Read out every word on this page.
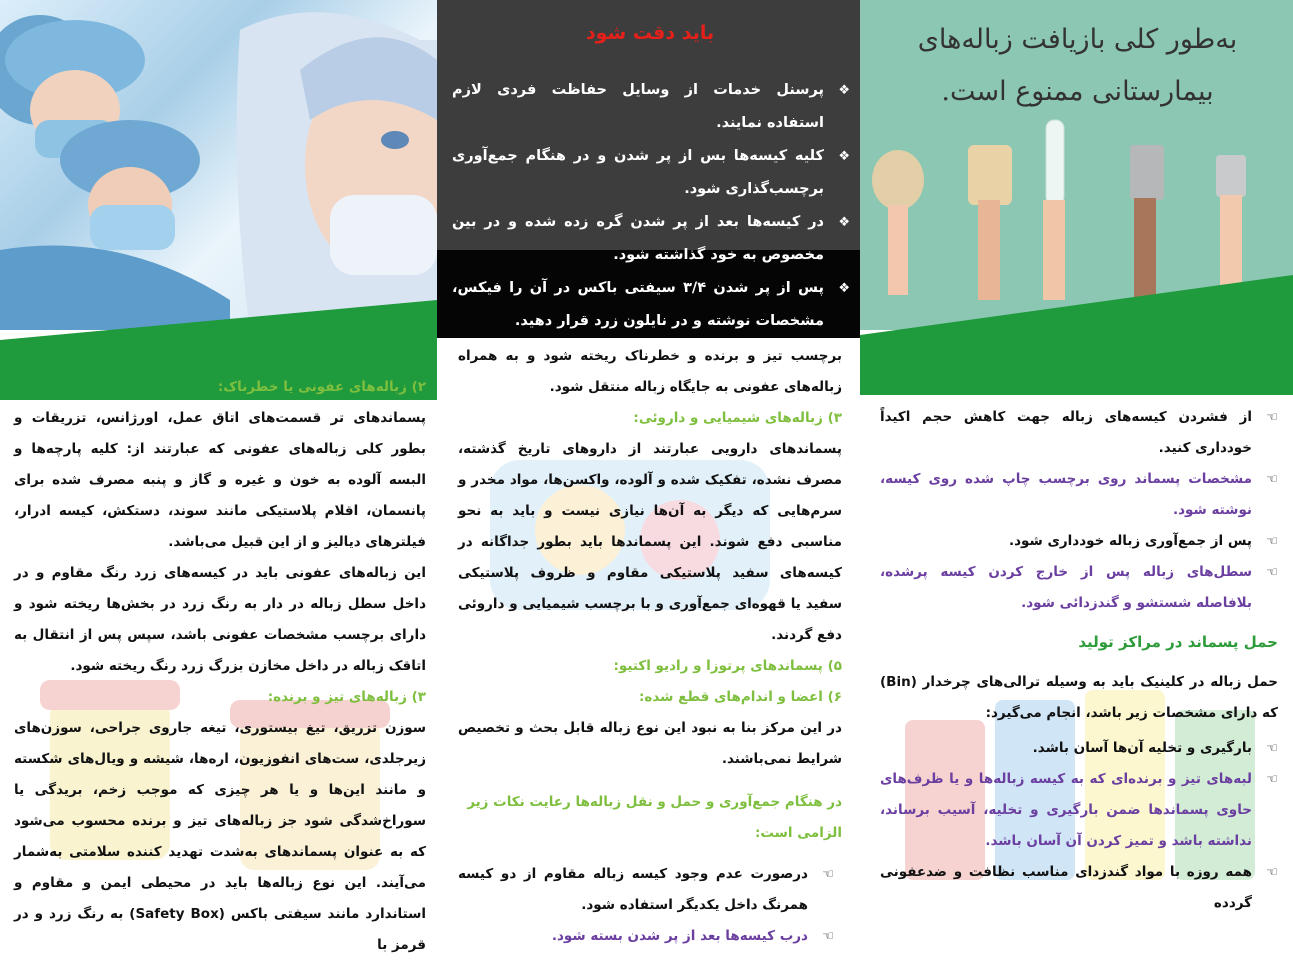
به‌طور کلی بازیافت زباله‌های
بیمارستانی ممنوع است.
باید دقت شود
❖
پرسنل خدمات از وسایل حفاظت فردی لازم استفاده نمایند.
❖
کلیه کیسه‌ها بس از پر شدن و در هنگام جمع‌آوری برچسب‌گذاری شود.
❖
در کیسه‌ها بعد از پر شدن گره زده شده و در بین مخصوص به خود گذاشته شود.
❖
پس از پر شدن ۳/۴ سیفتی باکس در آن را فیکس، مشخصات نوشته و در نایلون زرد قرار دهید.
۲) زباله‌های عفونی یا خطرناک:
پسماندهای تر قسمت‌های اتاق عمل، اورژانس، تزریقات و بطور کلی زباله‌های عفونی که عبارتند از: کلیه پارچه‌ها و البسه آلوده به خون و غیره و گاز و پنبه مصرف شده برای پانسمان، اقلام پلاستیکی مانند سوند، دستکش، کیسه ادرار، فیلترهای دیالیز و از این قبیل می‌باشد.
این زباله‌های عفونی باید در کیسه‌های زرد رنگ مقاوم و در داخل سطل زباله در دار به رنگ زرد در بخش‌ها ریخته شود و دارای برچسب مشخصات عفونی باشد، سپس پس از انتقال به اتاقک زباله در داخل مخازن بزرگ زرد رنگ ریخته شود.
۳) زباله‌های تیز و برنده:
سوزن تزریق، تیغ بیستوری، تیغه جاروی جراحی، سوزن‌های زیرجلدی، ست‌های انفوزیون، اره‌ها، شیشه و ویال‌های شکسته و مانند این‌ها و یا هر چیزی که موجب زخم، بریدگی یا سوراخ‌شدگی شود جز زباله‌های تیز و برنده محسوب می‌شود که به عنوان پسماندهای به‌شدت تهدید کننده سلامتی به‌شمار می‌آیند. این نوع زباله‌ها باید در محیطی ایمن و مقاوم و استاندارد مانند سیفتی باکس (Safety Box) به رنگ زرد و در قرمز با
برچسب تیز و برنده و خطرناک ریخته شود و به همراه زباله‌های عفونی به جایگاه زباله منتقل شود.
۳) زباله‌های شیمیایی و داروئی:
پسماندهای دارویی عبارتند از داروهای تاریخ گذشته، مصرف نشده، تفکیک شده و آلوده، واکسن‌ها، مواد مخدر و سرم‌هایی که دیگر به آن‌ها نیازی نیست و باید به نحو مناسبی دفع شوند. این پسماندها باید بطور جداگانه در کیسه‌های سفید پلاستیکی مقاوم و ظروف پلاستیکی سفید یا قهوه‌ای جمع‌آوری و با برچسب شیمیایی و داروئی دفع گردند.
۵) پسماندهای پرتوزا و رادیو اکتیو:
۶) اعضا و اندام‌های قطع شده:
در این مرکز بنا به نبود این نوع زباله قابل بحث و تخصیص شرایط نمی‌باشند.
در هنگام جمع‌آوری و حمل و نقل زباله‌ها رعایت نکات زیر الزامی است:
☜
درصورت عدم وجود کیسه زباله مقاوم از دو کیسه همرنگ داخل یکدیگر استفاده شود.
☜
درب کیسه‌ها بعد از پر شدن بسته شود.
☜
از فشردن کیسه‌های زباله جهت کاهش حجم اکیداً خودداری کنید.
☜
مشخصات پسماند روی برچسب چاپ شده روی کیسه، نوشته شود.
☜
پس از جمع‌آوری زباله خودداری شود.
☜
سطل‌های زباله پس از خارج کردن کیسه پرشده، بلافاصله شستشو و گندزدائی شود.
حمل پسماند در مراکز تولید
حمل زباله در کلینیک باید به وسیله ترالی‌های چرخدار (Bin) که دارای مشخصات زیر باشد، انجام می‌گیرد:
☜
بارگیری و تخلیه آن‌ها آسان باشد.
☜
لبه‌های تیز و برنده‌ای که به کیسه زباله‌ها و یا ظرف‌های حاوی پسماندها ضمن بارگیری و تخلیه، آسیب برساند، نداشته باشد و تمیز کردن آن آسان باشد.
☜
همه روزه با مواد گندزدای مناسب نظافت و ضدعفونی گردده
